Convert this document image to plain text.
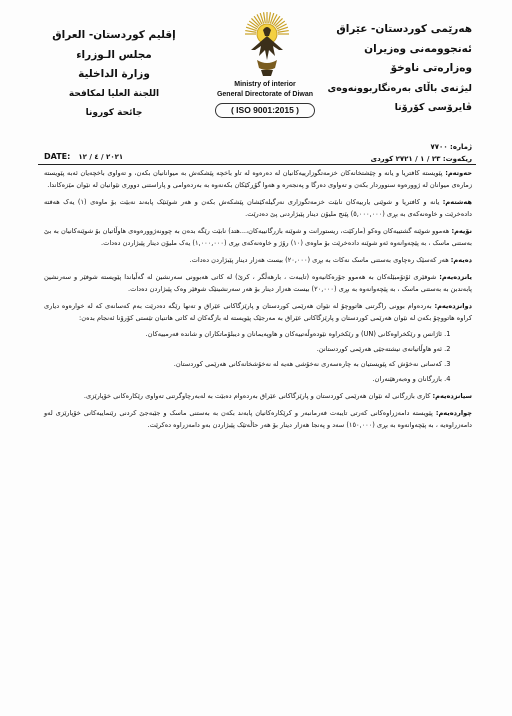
هەرێمی کوردستان- عێراق
ئەنجوومەنی وەزیران
وەزارەتی ناوخۆ
لیژنەی باڵای بەرەنگاربوونەوەی
ڤایرۆسی کۆرۆنا
إقليم كوردستان- العراق
مجلس الـوزراء
وزارة الداخلية
اللجنة العليا لمكافحة
جائحة كورونا
Ministry of interior
General Directorate of Diwan
( ISO 9001:2015 )
ژمارە: ٧٧٠٠
ریکەوت: ٢٣ / ١ / ٢٧٢١ کوردی
DATE: ٢٠٢١ / ٤ / ١٢

حەوتەم: پێویستە کافتریا و یانە و چێشتخانەکان خزمەتگوزارییەکانیان لە دەرەوە لە تاو باخچە پێشکەش بە میوانانیان بکەن، و تەواوی باخچەیان ئەبە پێویستە زمارەی میوانان لە ژوورەوە سنووردار بکەن و تەواوی دەرگا و پەنجەرە و هەوا گۆڕکێکان بکەنەوە بە بەردەوامی و پاراستنی دووری نێوانیان لە نێوان مێزەکاندا.

هەشتەم: یانە و کافتریا و شوێنی یارییەکان نابێت خزمەتگوزاری نەرگیلەکێشان پێشکەش بکەن و هەر شوێنێک پابەند نەبێت بۆ ماوەی (١) یەک هەفتە دادەخرێت و خاوەنەکەی بە بڕی (٥,٠٠٠,٠٠٠) پێنج ملیۆن دینار پێبژاردنی پێ دەدرێت.

نۆیەم: هەموو شوێنە گشتییەکان وەکو (مارکێت، ریستورانت و شوێنە بازرگانییەکان،...هتد) نابێت رێگە بدەن بە چوونەژوورەوەی هاوڵاتیان بۆ شوێنەکانیان بە بێ بەستنی ماسک ، بە پێچەوانەوە ئەو شوێنە دادەخرێت بۆ ماوەی (١٠) رۆژ و خاوەنەکەی بڕی (١,٠٠٠,٠٠٠) یەک ملیۆن دینار پێبژاردن دەدات.

دەیەم: هەر کەسێک رەچاوی بەستنی ماسک نەکات بە بڕی (٢٠,٠٠٠) بیست هەزار دینار پێبژاردن دەدات.

یانزدەیەم: شوفێری ئۆتۆمبێلەکان بە هەموو جۆرەکانیەوە (تایبەت ، بارهەڵگر ، کرێ) لە کاتی هەبوونی سەرنشین لە گەڵیاندا پێویستە شوفێر و سەرنشین پابەندبن بە بەستنی ماسک ، بە پێچەوانەوە بە بڕی (٢٠,٠٠٠) بیست هەزار دینار بۆ هەر سەرنشینێک شوفێر وەک پێبژاردن دەدات.

دوانزدەیەم: بەردەوام بوونی راگرتنی هاتووچۆ لە نێوان هەرێمی کوردستان و پارێزگاکانی عێراق و تەنها رێگە دەدرێت بەم کەسانەی کە لە خوارەوە دیاری کراوە هاتووچۆ بکەن لە نێوان هەرێمی کوردستان و پارێزگاکانی عێراق بە مەرجێک پێویستە لە بازگەکان لە کاتی هاتنیان تێستی کۆرۆنا ئەنجام بدەن:

1. ئاژانس و رێکخراوەکانی (UN) و رێکخراوە نێودەوڵەتییەکان و هاوپەیمانان و دیبلۆماتکاران و شاندە فەرمییەکان.
2. ئەو هاوڵاتیانەی نیشتەجێی هەرێمی کوردستانن.
3. کەسانی نەخۆش کە پێویستیان بە چارەسەری نەخۆشی هەیە لە نەخۆشخانەکانی هەرێمی کوردستان.
4. بازرگانان و وەبەرهێنەران.

سیانزدەیەم: کاری بازرگانی لە نێوان هەرێمی کوردستان و پارێزگاکانی عێراق بەردەوام دەبێت بە لەبەرچاوگرتنی تەواوی رێکارەکانی خۆپارێزی.

چواردەیەم: پێویستە دامەزراوەکانی کەرتی تایبەت فەرمانبەر و کرێکارەکانیان پابەند بکەن بە بەستنی ماسک و جێبەجێ کردنی رێنماییەکانی خۆپارێزی لەو دامەزراوەیە ، بە پێچەوانەوە بە بڕی (١٥٠,٠٠٠) سەد و پەنجا هەزار دینار بۆ هەر حاڵەتێک پێبژاردن بەو دامەزراوە دەکرێت.
